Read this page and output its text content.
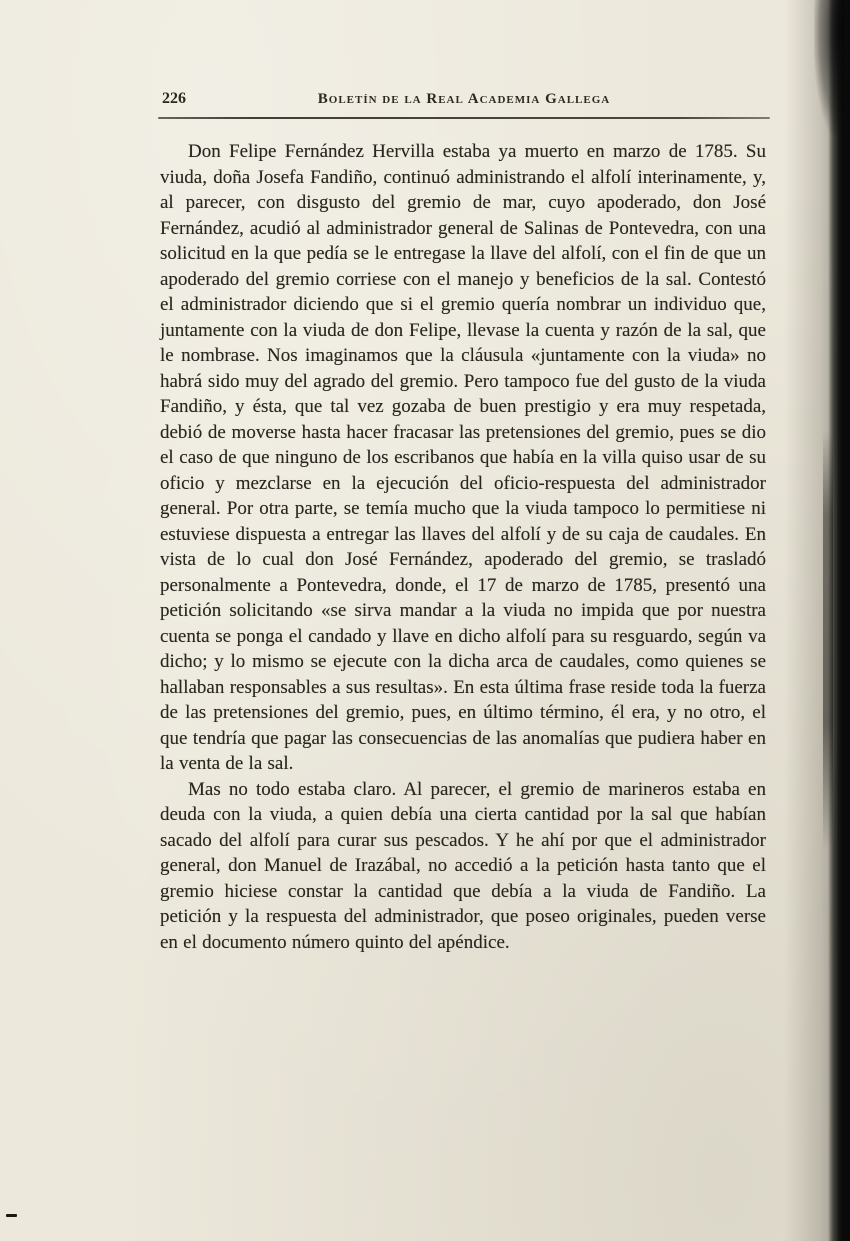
226	Boletín de la Real Academia Gallega

Don Felipe Fernández Hervilla estaba ya muerto en marzo de 1785. Su viuda, doña Josefa Fandiño, continuó administrando el alfolí interinamente, y, al parecer, con disgusto del gremio de mar, cuyo apoderado, don José Fernández, acudió al administrador general de Salinas de Pontevedra, con una solicitud en la que pedía se le entregase la llave del alfolí, con el fin de que un apoderado del gremio corriese con el manejo y beneficios de la sal. Contestó el administrador diciendo que si el gremio quería nombrar un individuo que, juntamente con la viuda de don Felipe, llevase la cuenta y razón de la sal, que le nombrase. Nos imaginamos que la cláusula «juntamente con la viuda» no habrá sido muy del agrado del gremio. Pero tampoco fue del gusto de la viuda Fandiño, y ésta, que tal vez gozaba de buen prestigio y era muy respetada, debió de moverse hasta hacer fracasar las pretensiones del gremio, pues se dio el caso de que ninguno de los escribanos que había en la villa quiso usar de su oficio y mezclarse en la ejecución del oficio-respuesta del administrador general. Por otra parte, se temía mucho que la viuda tampoco lo permitiese ni estuviese dispuesta a entregar las llaves del alfolí y de su caja de caudales. En vista de lo cual don José Fernández, apoderado del gremio, se trasladó personalmente a Pontevedra, donde, el 17 de marzo de 1785, presentó una petición solicitando «se sirva mandar a la viuda no impida que por nuestra cuenta se ponga el candado y llave en dicho alfolí para su resguardo, según va dicho; y lo mismo se ejecute con la dicha arca de caudales, como quienes se hallaban responsables a sus resultas». En esta última frase reside toda la fuerza de las pretensiones del gremio, pues, en último término, él era, y no otro, el que tendría que pagar las consecuencias de las anomalías que pudiera haber en la venta de la sal.

Mas no todo estaba claro. Al parecer, el gremio de marineros estaba en deuda con la viuda, a quien debía una cierta cantidad por la sal que habían sacado del alfolí para curar sus pescados. Y he ahí por que el administrador general, don Manuel de Irazábal, no accedió a la petición hasta tanto que el gremio hiciese constar la cantidad que debía a la viuda de Fandiño. La petición y la respuesta del administrador, que poseo originales, pueden verse en el documento número quinto del apéndice.
